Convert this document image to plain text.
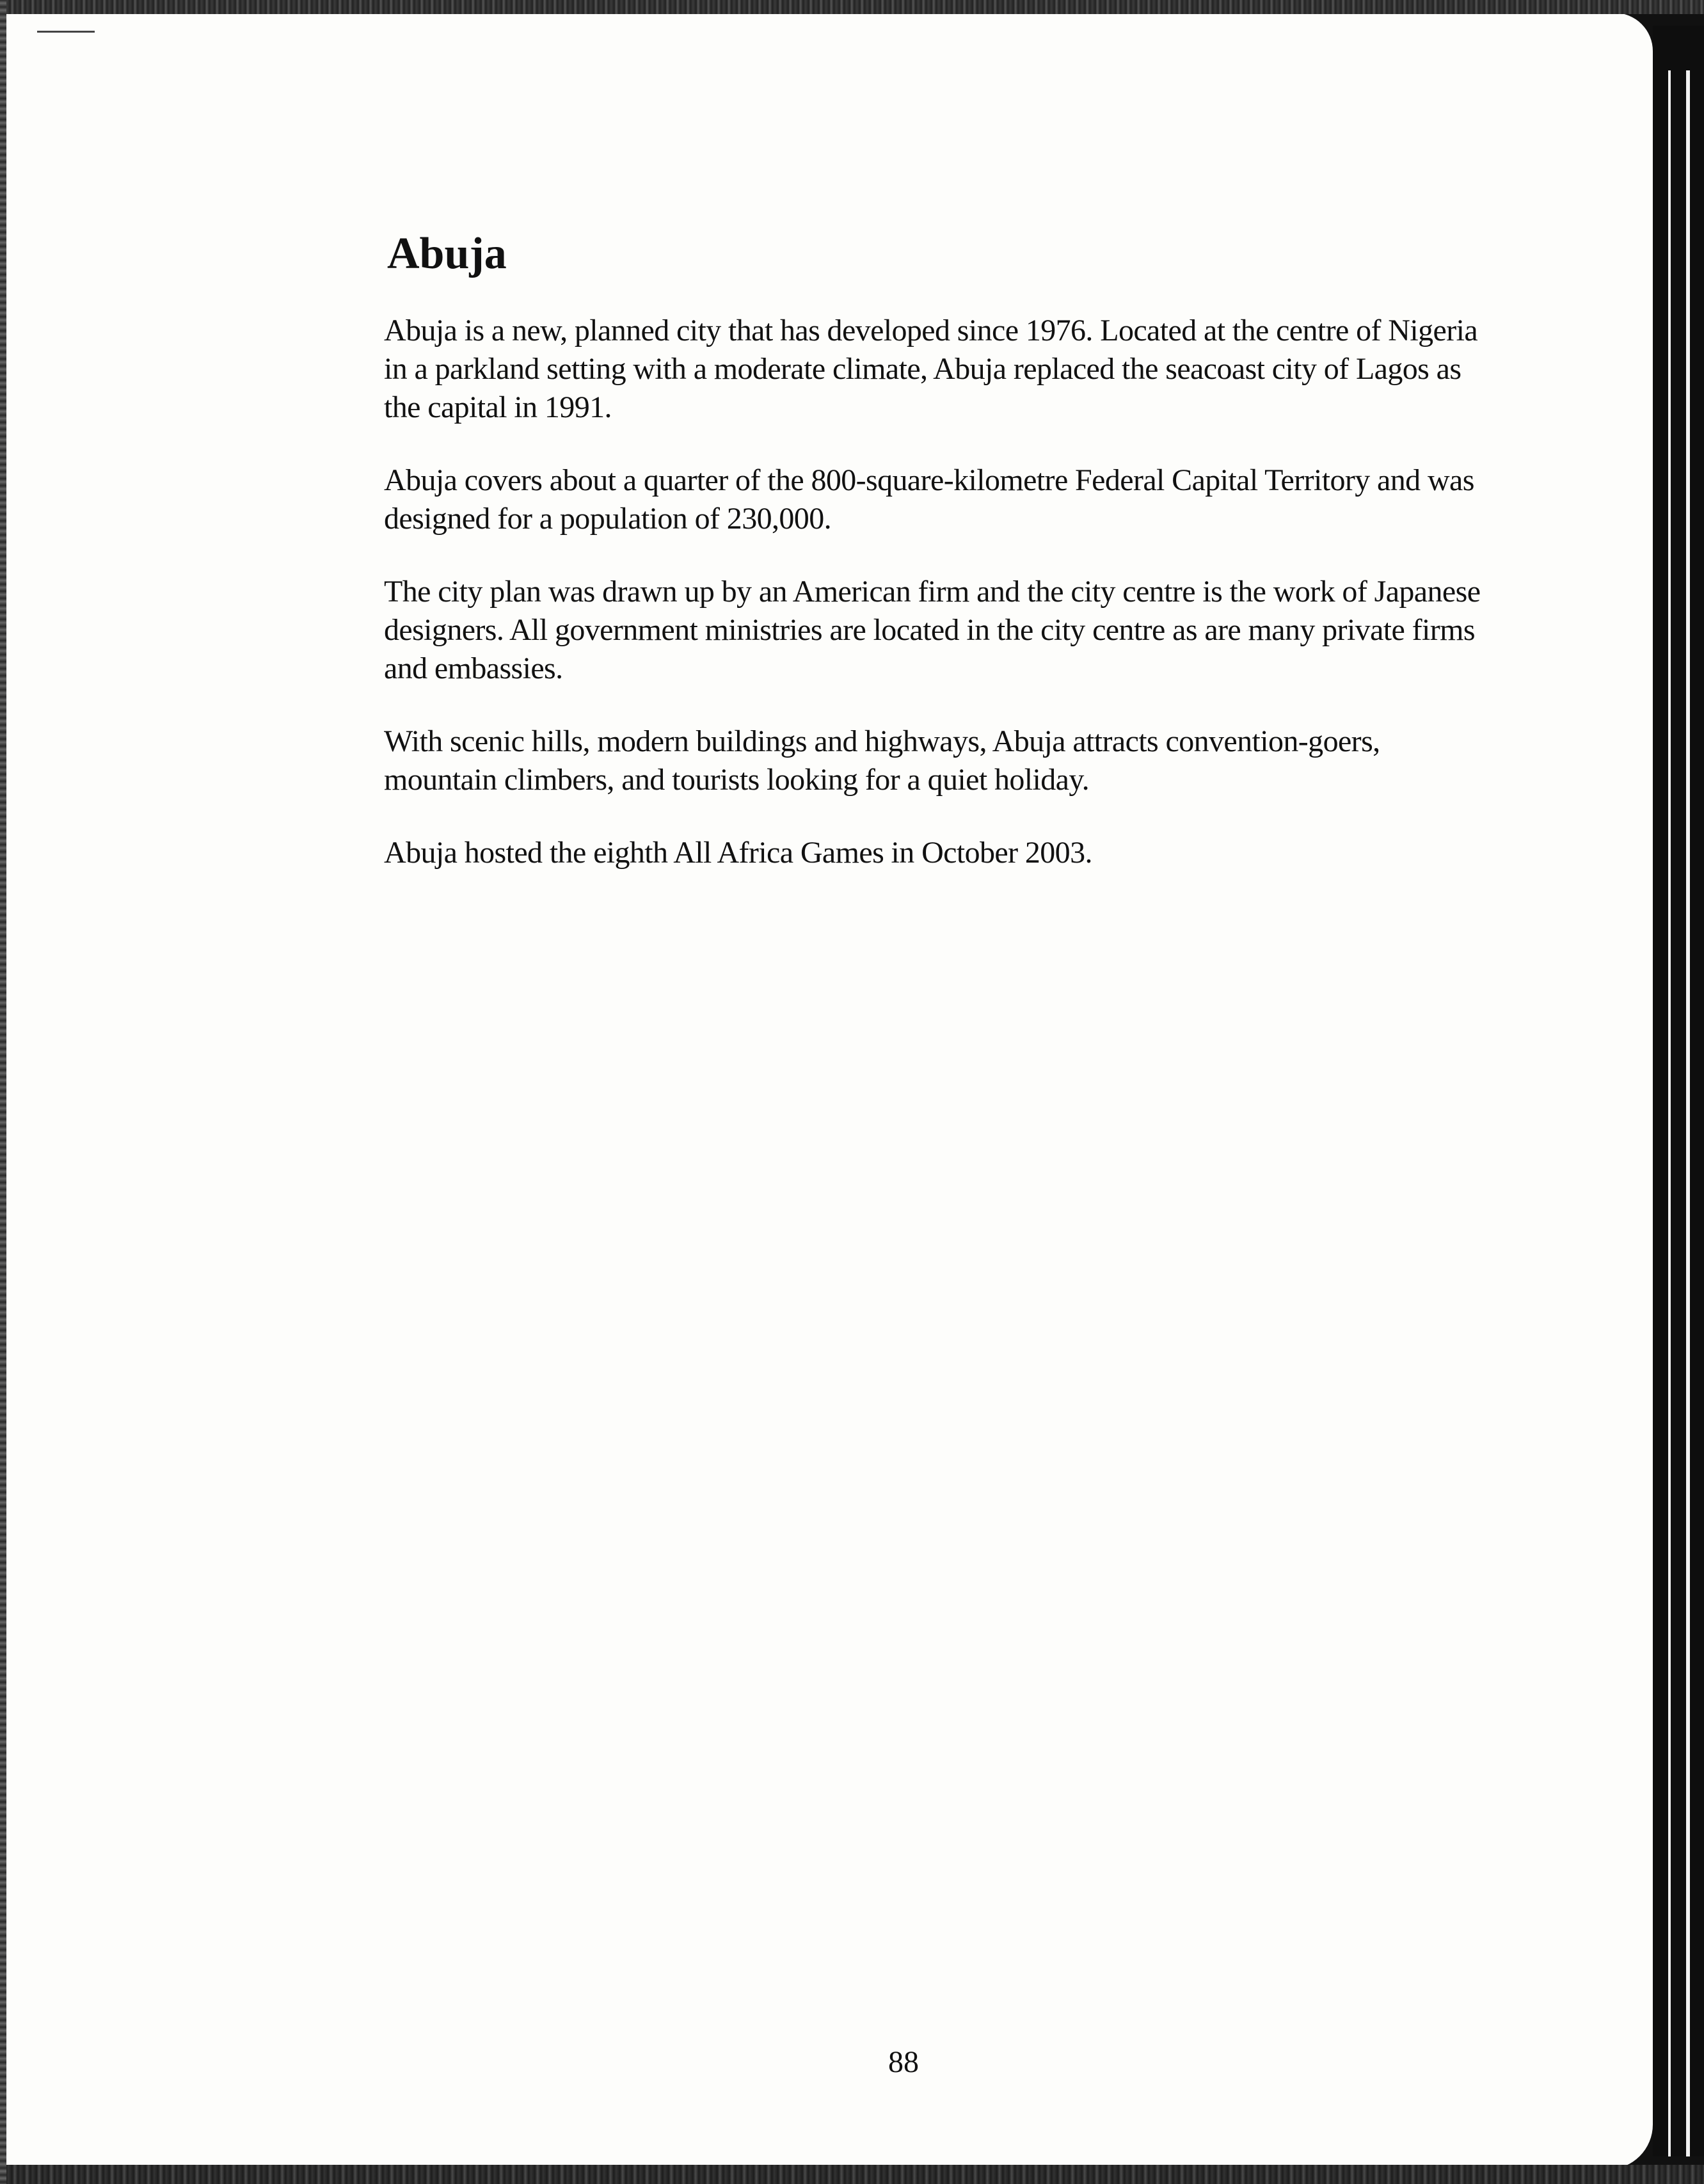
Abuja

Abuja is a new, planned city that has developed since 1976. Located at the centre of Nigeria in a parkland setting with a moderate climate, Abuja replaced the seacoast city of Lagos as the capital in 1991.

Abuja covers about a quarter of the 800-square-kilometre Federal Capital Territory and was designed for a population of 230,000.

The city plan was drawn up by an American firm and the city centre is the work of Japanese designers. All government ministries are located in the city centre as are many private firms and embassies.

With scenic hills, modern buildings and highways, Abuja attracts convention-goers, mountain climbers, and tourists looking for a quiet holiday.

Abuja hosted the eighth All Africa Games in October 2003.

88
